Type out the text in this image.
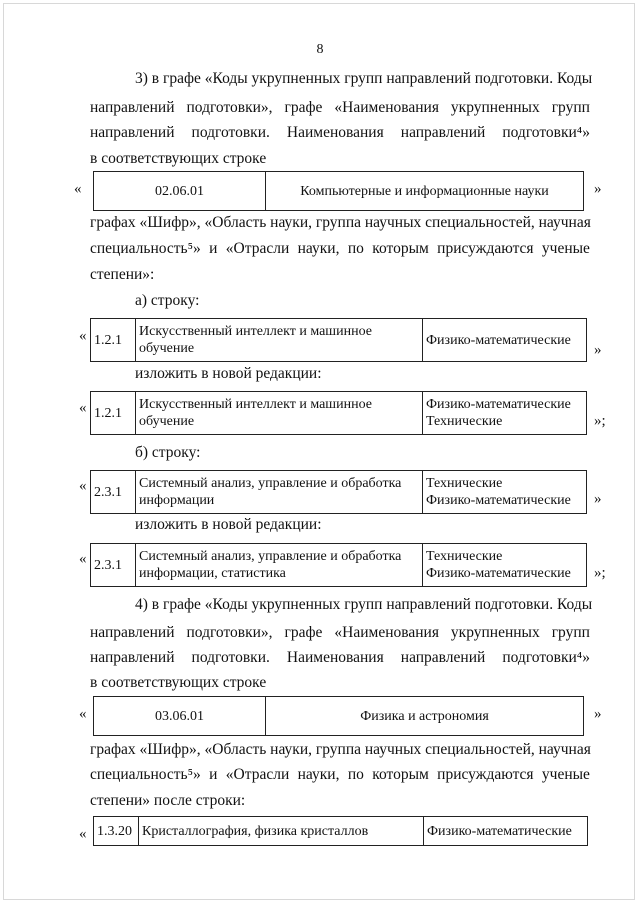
8
3) в графе «Коды укрупненных групп направлений подготовки. Коды
направлений подготовки», графе «Наименования укрупненных групп
направлений подготовки. Наименования направлений подготовки⁴»
в соответствующих строке
«	02.06.01	Компьютерные и информационные науки	»
графах «Шифр», «Область науки, группа научных специальностей, научная
специальность⁵» и «Отрасли науки, по которым присуждаются ученые
степени»:
а) строку:
« 1.2.1	Искусственный интеллект и машинное
обучение	Физико-математические
»
изложить в новой редакции:
« 1.2.1	Искусственный интеллект и машинное
обучение	Физико-математические
Технические	»;
б) строку:
« 2.3.1	Системный анализ, управление и обработка
информации	Технические
Физико-математические »
изложить в новой редакции:
« 2.3.1	Системный анализ, управление и обработка
информации, статистика	Технические
Физико-математические »;
4) в графе «Коды укрупненных групп направлений подготовки. Коды
направлений подготовки», графе «Наименования укрупненных групп
направлений подготовки. Наименования направлений подготовки⁴»
в соответствующих строке
«	03.06.01	Физика и астрономия	»
графах «Шифр», «Область науки, группа научных специальностей, научная
специальность⁵» и «Отрасли науки, по которым присуждаются ученые
степени» после строки:
« 1.3.20	Кристаллография, физика кристаллов	Физико-математические
